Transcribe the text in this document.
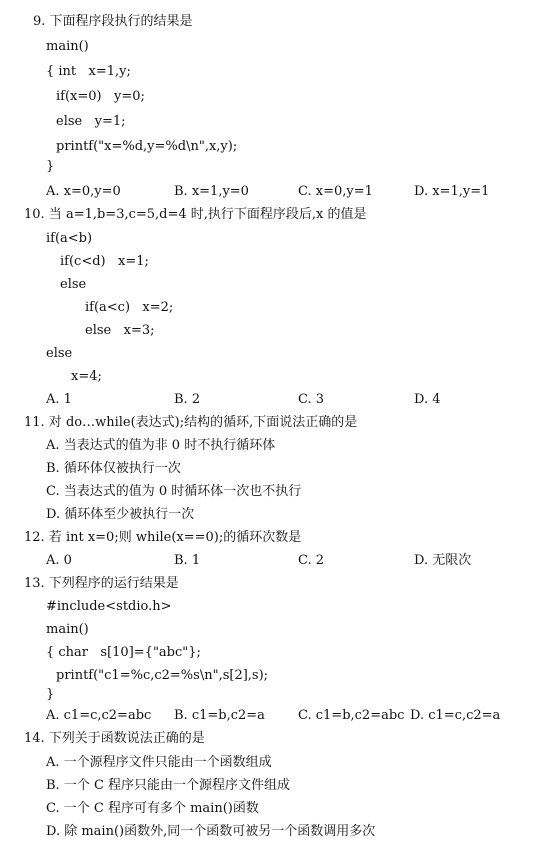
9. 下面程序段执行的结果是
main()
{ int   x=1,y;
if(x=0)   y=0;
else   y=1;
printf("x=%d,y=%d\n",x,y);
}
A. x=0,y=0	B. x=1,y=0	C. x=0,y=1	D. x=1,y=1
10. 当 a=1,b=3,c=5,d=4 时,执行下面程序段后,x 的值是
if(a<b)
if(c<d)   x=1;
else
if(a<c)   x=2;
else   x=3;
else
x=4;
A. 1	B. 2	C. 3	D. 4
11. 对 do…while(表达式);结构的循环,下面说法正确的是
A. 当表达式的值为非 0 时不执行循环体
B. 循环体仅被执行一次
C. 当表达式的值为 0 时循环体一次也不执行
D. 循环体至少被执行一次
12. 若 int x=0;则 while(x==0);的循环次数是
A. 0	B. 1	C. 2	D. 无限次
13. 下列程序的运行结果是
#include<stdio.h>
main()
{ char   s[10]={"abc"};
printf("c1=%c,c2=%s\n",s[2],s);
}
A. c1=c,c2=abc B. c1=b,c2=a	C. c1=b,c2=abc D. c1=c,c2=a
14. 下列关于函数说法正确的是
A. 一个源程序文件只能由一个函数组成
B. 一个 C 程序只能由一个源程序文件组成
C. 一个 C 程序可有多个 main()函数
D. 除 main()函数外,同一个函数可被另一个函数调用多次
